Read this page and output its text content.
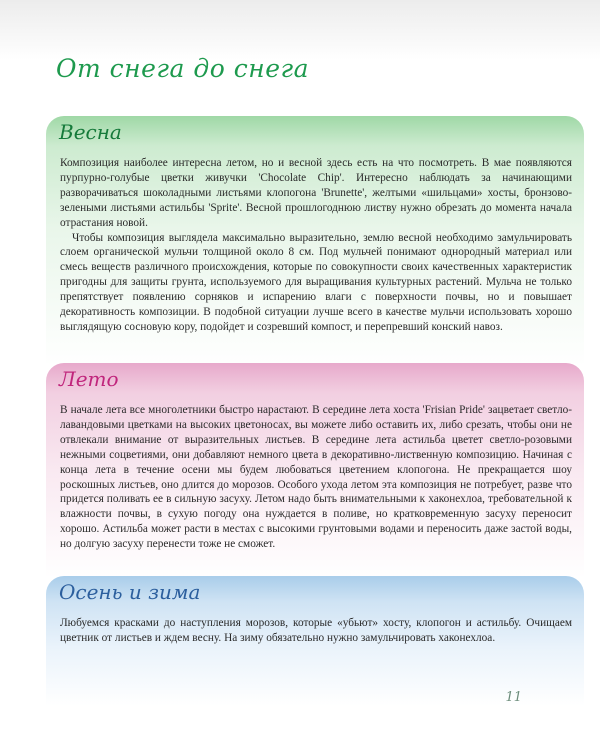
От снега до снега
Весна

Композиция наиболее интересна летом, но и весной здесь есть на что посмотреть. В мае появляются пурпурно-голубые цветки живучки 'Chocolate Chip'. Интересно наблюдать за начинающими разворачиваться шоколадными листьями клопогона 'Brunette', желтыми «шильцами» хосты, бронзово-зелеными листьями астильбы 'Sprite'. Весной прошлогоднюю листву нужно обрезать до момента начала отрастания новой.

Чтобы композиция выглядела максимально выразительно, землю весной необходимо замульчировать слоем органической мульчи толщиной около 8 см. Под мульчей понимают однородный материал или смесь веществ различного происхождения, которые по совокупности своих качественных характеристик пригодны для защиты грунта, используемого для выращивания культурных растений. Мульча не только препятствует появлению сорняков и испарению влаги с поверхности почвы, но и повышает декоративность композиции. В подобной ситуации лучше всего в качестве мульчи использовать хорошо выглядящую сосновую кору, подойдет и созревший компост, и перепревший конский навоз.

Лето

В начале лета все многолетники быстро нарастают. В середине лета хоста 'Frisian Pride' зацветает светло-лавандовыми цветками на высоких цветоносах, вы можете либо оставить их, либо срезать, чтобы они не отвлекали внимание от выразительных листьев. В середине лета астильба цветет светло-розовыми нежными соцветиями, они добавляют немного цвета в декоративно-лиственную композицию. Начиная с конца лета в течение осени мы будем любоваться цветением клопогона. Не прекращается шоу роскошных листьев, оно длится до морозов. Особого ухода летом эта композиция не потребует, разве что придется поливать ее в сильную засуху. Летом надо быть внимательными к хаконехлоа, требовательной к влажности почвы, в сухую погоду она нуждается в поливе, но кратковременную засуху переносит хорошо. Астильба может расти в местах с высокими грунтовыми водами и переносить даже застой воды, но долгую засуху перенести тоже не сможет.

Осень и зима

Любуемся красками до наступления морозов, которые «убьют» хосту, клопогон и астильбу. Очищаем цветник от листьев и ждем весну. На зиму обязательно нужно замульчировать хаконехлоа.

11
